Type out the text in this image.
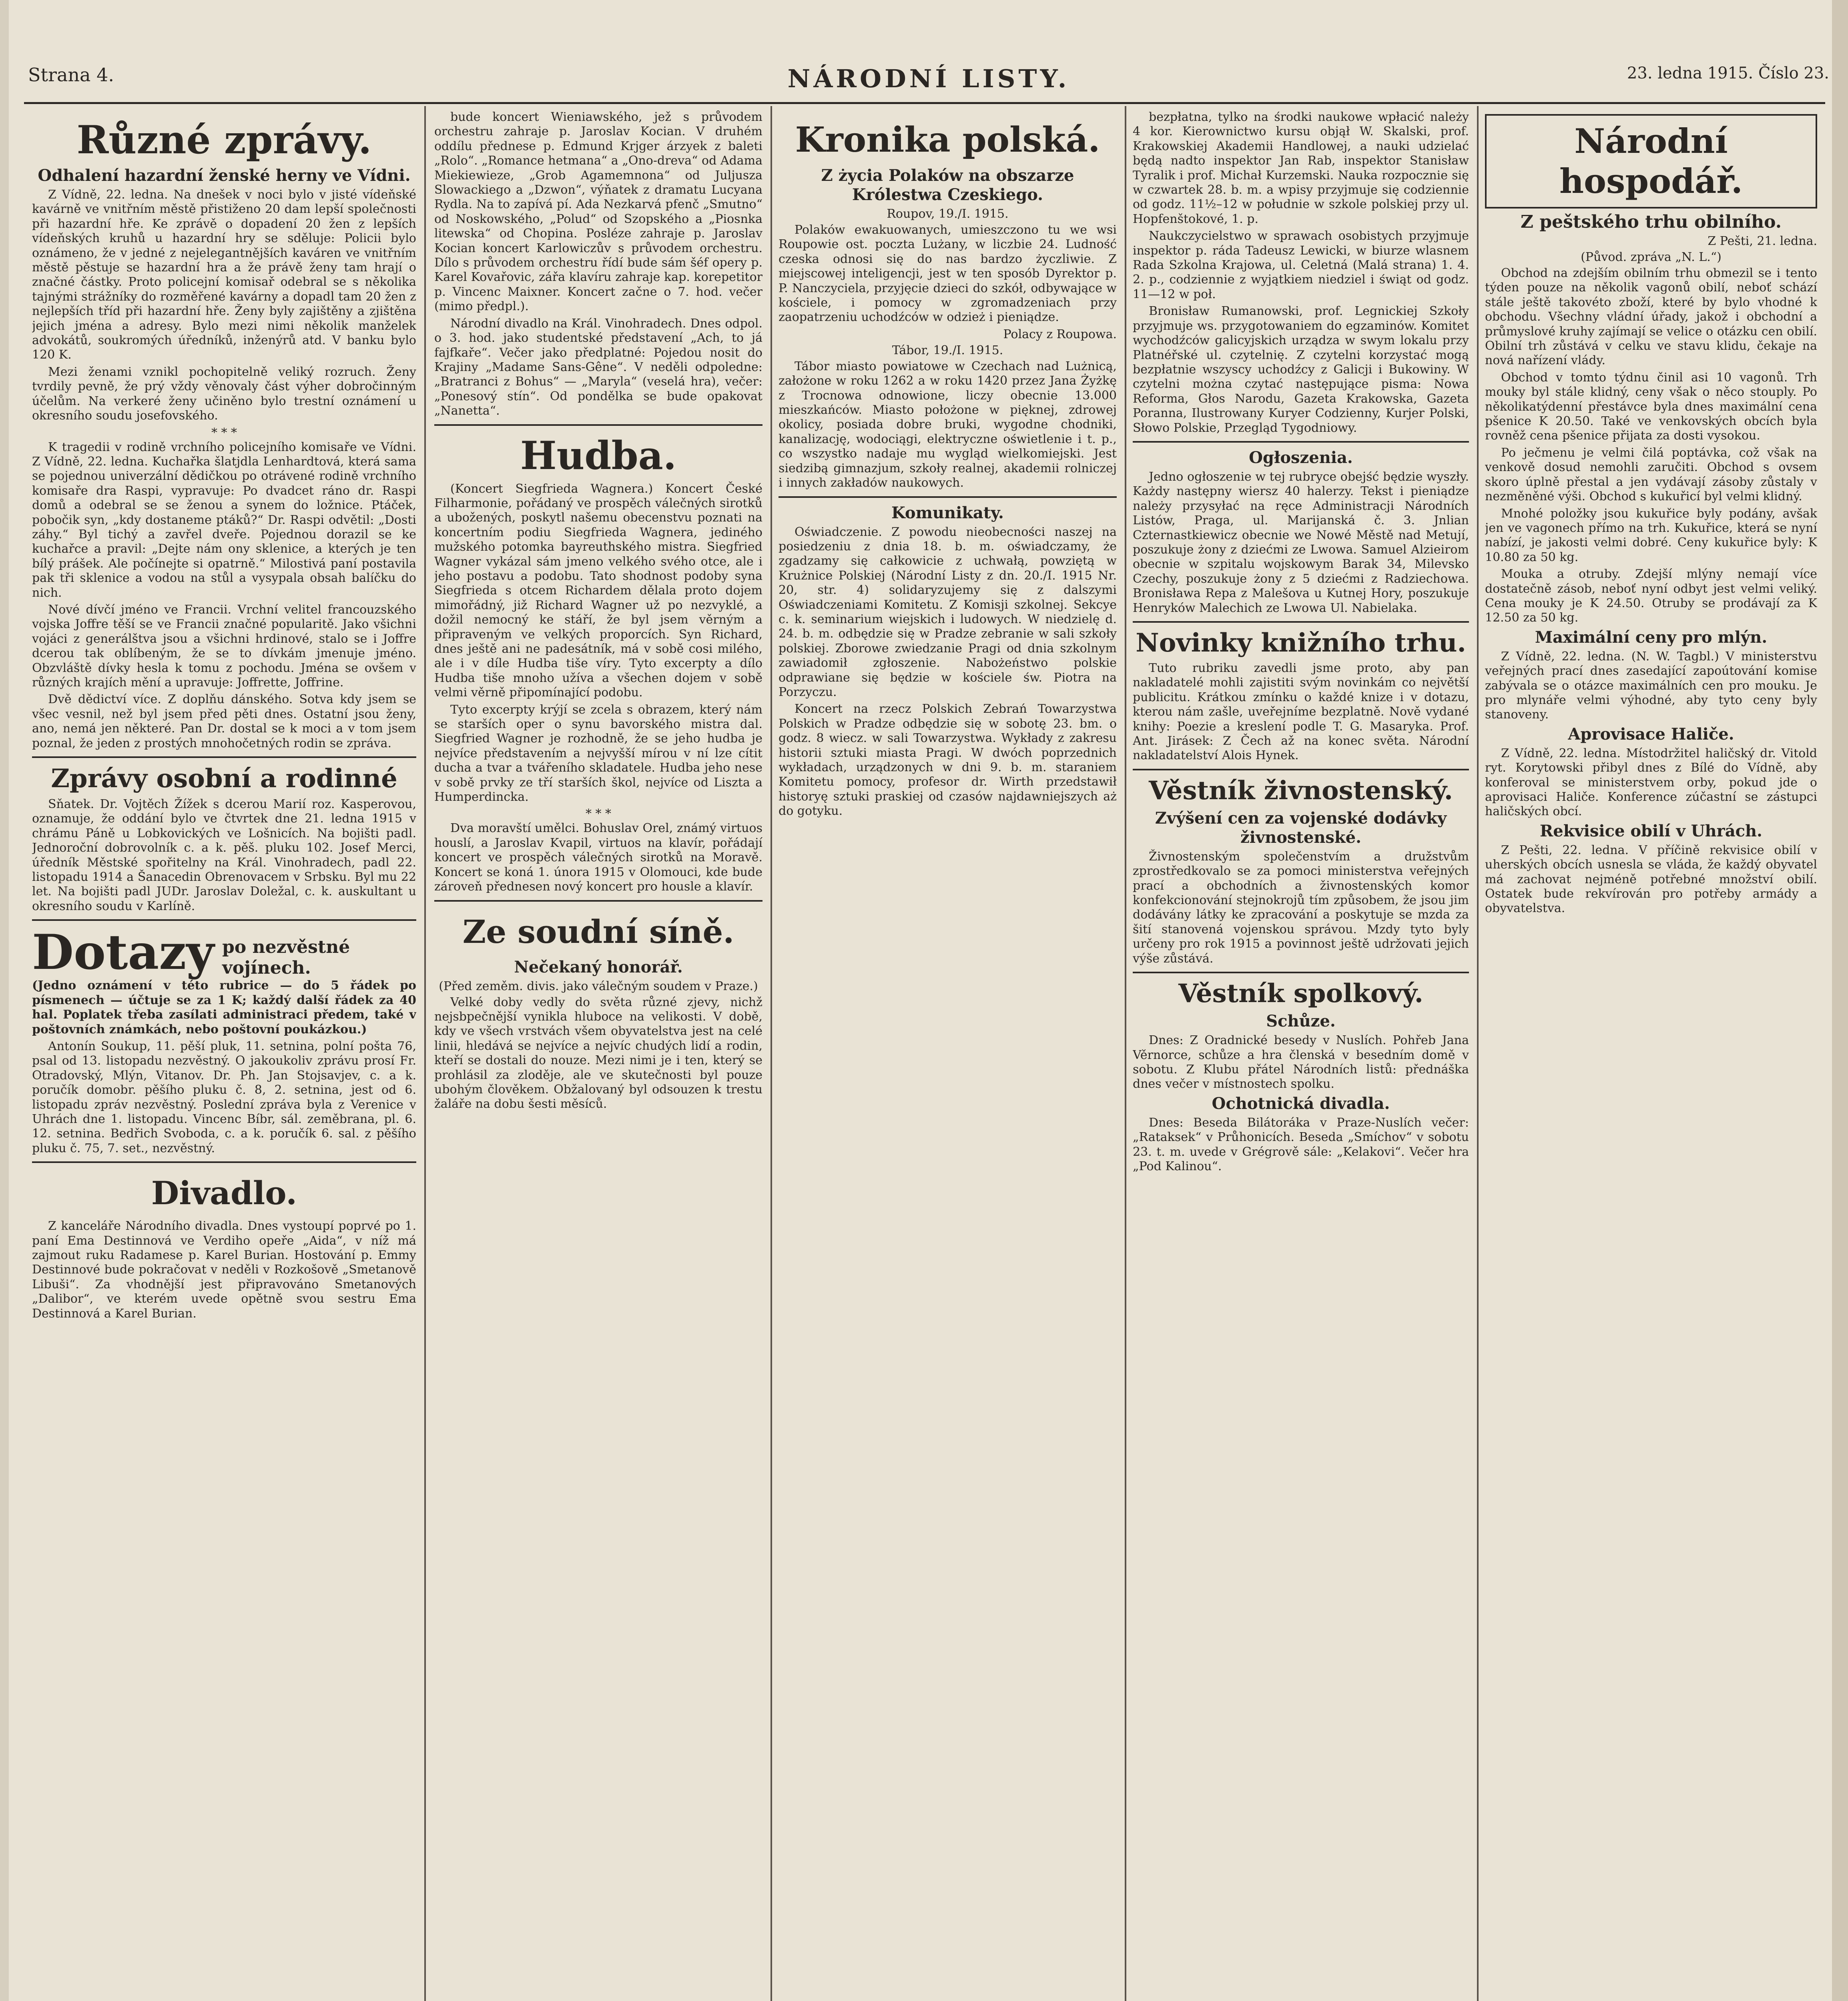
Strana 4.	NÁRODNÍ LISTY.	23. ledna 1915. Číslo 23.
Různé zprávy.
Odhalení hazardní ženské herny ve Vídni.

Z Vídně, 22. ledna. Na dnešek v noci bylo v jisté vídeňské kavárně ve vnitřním městě přistiženo 20 dam lepší společnosti při hazardní hře. Ke zprávě o dopadení 20 žen z lepších vídeňských kruhů u hazardní hry se sděluje: Policii bylo oznámeno, že v jedné z nejelegantnějších kaváren ve vnitřním městě pěstuje se hazardní hra a že právě ženy tam hrají o značné částky. Proto policejní komisař odebral se s několika tajnými strážníky do rozměřené kavárny a dopadl tam 20 žen z nejlepších tříd při hazardní hře. Ženy byly zajištěny a zjištěna jejich jména a adresy. Bylo mezi nimi několik manželek advokátů, soukromých úředníků, inženýrů atd. V banku bylo 120 K.

Mezi ženami vznikl pochopitelně veliký rozruch. Ženy tvrdily pevně, že prý vždy věnovaly část výher dobročinným účelům. Na verkeré ženy učiněno bylo trestní oznámení u okresního soudu josefovského.

* * *

K tragedii v rodině vrchního policejního komisaře ve Vídni. Z Vídně, 22. ledna. Kuchařka šlatjdla Lenhardtová, která sama se pojednou univerzální dědičkou po otrávené rodině vrchního komisaře dra Raspi, vypravuje: Po dvadcet ráno dr. Raspi domů a odebral se se ženou a synem do ložnice. Ptáček, pobočik syn, „kdy dostaneme ptáků?“ Dr. Raspi odvětil: „Dosti záhy.“ Byl tichý a zavřel dveře. Pojednou dorazil se ke kuchařce a pravil: „Dejte nám ony sklenice, a kterých je ten bílý prášek. Ale počínejte si opatrně.“ Milostivá paní postavila pak tři sklenice a vodou na stůl a vysypala obsah balíčku do nich.

Nové dívčí jméno ve Francii. Vrchní velitel francouzského vojska Joffre těší se ve Francii značné popularitě. Jako všichni vojáci z generálštva jsou a všichni hrdinové, stalo se i Joffre dcerou tak oblíbeným, že se to dívkám jmenuje jméno. Obzvláště dívky hesla k tomu z pochodu. Jména se ovšem v různých krajích mění a upravuje: Joffrette, Joffrine.

Dvě dědictví více. Z doplňu dánského. Sotva kdy jsem se všec vesnil, než byl jsem před pěti dnes. Ostatní jsou ženy, ano, nemá jen některé. Pan Dr. dostal se k moci a v tom jsem poznal, že jeden z prostých mnohočetných rodin se zpráva.

Zprávy osobní a rodinné

Sňatek. Dr. Vojtěch Žížek s dcerou Marií roz. Kasperovou, oznamuje, že oddání bylo ve čtvrtek dne 21. ledna 1915 v chrámu Páně u Lobkovických ve Lošnicích. Na bojišti padl. Jednoroční dobrovolník c. a k. pěš. pluku 102. Josef Merci, úředník Městské spořitelny na Král. Vinohradech, padl 22. listopadu 1914 a Šanacedin Obrenovacem v Srbsku. Byl mu 22 let. Na bojišti padl JUDr. Jaroslav Doležal, c. k. auskultant u okresního soudu v Karlíně.

Dotazy po nezvěstné vojínech.

(Jedno oznámení v této rubrice — do 5 řádek po písmenech — účtuje se za 1 K; každý další řádek za 40 hal. Poplatek třeba zasílati administraci předem, také v poštovních známkách, nebo poštovní poukázkou.)

Antonín Soukup, 11. pěší pluk, 11. setnina, polní pošta 76, psal od 13. listopadu nezvěstný. O jakoukoliv zprávu prosí Fr. Otradovský, Mlýn, Vitanov. Dr. Ph. Jan Stojsavjev, c. a k. poručík domobr. pěšího pluku č. 8, 2. setnina, jest od 6. listopadu zpráv nezvěstný. Poslední zpráva byla z Verenice v Uhrách dne 1. listopadu. Vincenc Bíbr, sál. zeměbrana, pl. 6. 12. setnina. Bedřich Svoboda, c. a k. poručík 6. sal. z pěšího pluku č. 75, 7. set., nezvěstný.

Divadlo.

Z kanceláře Národního divadla. Dnes vystoupí poprvé po 1. paní Ema Destinnová ve Verdiho opeře „Aida“, v níž má zajmout ruku Radamese p. Karel Burian. Hostování p. Emmy Destinnové bude pokračovat v neděli v Rozkošově „Smetanově Libuši“. Za vhodnější jest připravováno Smetanových „Dalibor“, ve kterém uvede opětně svou sestru Ema Destinnová a Karel Burian.

bude koncert Wieniawského, jež s průvodem orchestru zahraje p. Jaroslav Kocian. V druhém oddílu přednese p. Edmund Krjger árzyek z baleti „Rolo“. „Romance hetmana“ a „Ono-dreva“ od Adama Miekiewieze, „Grob Agamemnona“ od Juljusza Slowackiego a „Dzwon“, výňatek z dramatu Lucyana Rydla. Na to zapívá pí. Ada Nezkarvá pfenč „Smutno“ od Noskowského, „Polud“ od Szopského a „Piosnka litewska“ od Chopina. Posléze zahraje p. Jaroslav Kocian koncert Karlowiczův s průvodem orchestru. Dílo s průvodem orchestru řídí bude sám šéf opery p. Karel Kovařovic, zářa klavíru zahraje kap. korepetitor p. Vincenc Maixner. Koncert začne o 7. hod. večer (mimo předpl.).

Národní divadlo na Král. Vinohradech. Dnes odpol. o 3. hod. jako studentské představení „Ach, to já fajfkaře“. Večer jako předplatné: Pojedou nosit do Krajiny „Madame Sans-Gêne“. V neděli odpoledne: „Bratranci z Bohus“ — „Maryla“ (veselá hra), večer: „Ponesový stín“. Od pondělka se bude opakovat „Nanetta“.

Hudba.

(Koncert Siegfrieda Wagnera.) Koncert České Filharmonie, pořádaný ve prospěch válečných sirotků a ubožených, poskytl našemu obecenstvu poznati na koncertním podiu Siegfrieda Wagnera, jediného mužského potomka bayreuthského mistra. Siegfried Wagner vykázal sám jmeno velkého svého otce, ale i jeho postavu a podobu. Tato shodnost podoby syna Siegfrieda s otcem Richardem dělala proto dojem mimořádný, již Richard Wagner už po nezvyklé, a dožil nemocný ke stáří, že byl jsem věrným a připraveným ve velkých proporcích. Syn Richard, dnes ještě ani ne padesátník, má v sobě cosi milého, ale i v díle Hudba tiše víry. Tyto excerpty a dílo Hudba tiše mnoho užíva a všechen dojem v sobě velmi věrně připomínající podobu.

Tyto excerpty krýjí se zcela s obrazem, který nám se starších oper o synu bavorského mistra dal. Siegfried Wagner je rozhodně, že se jeho hudba je nejvíce představením a nejvyšší mírou v ní lze cítit ducha a tvar a tvářeního skladatele. Hudba jeho nese v sobě prvky ze tří starších škol, nejvíce od Liszta a Humperdincka.

* * *

Dva moravští umělci. Bohuslav Orel, známý virtuos houslí, a Jaroslav Kvapil, virtuos na klavír, pořádají koncert ve prospěch válečných sirotků na Moravě. Koncert se koná 1. února 1915 v Olomouci, kde bude zároveň přednesen nový koncert pro housle a klavír.

Ze soudní síně.
Nečekaný honorář.
(Před zeměm. divis. jako válečným soudem v Praze.)

Velké doby vedly do světa různé zjevy, nichž nejsbpečnější vynikla hluboce na velikosti. V době, kdy ve všech vrstvách všem obyvatelstva jest na celé linii, hledává se nejvíce a nejvíc chudých lidí a rodin, kteří se dostali do nouze. Mezi nimi je i ten, který se prohlásil za zloděje, ale ve skutečnosti byl pouze ubohým člověkem. Obžalovaný byl odsouzen k trestu žaláře na dobu šesti měsíců.

Kronika polská.
Z życia Polaków na obszarze Królestwa Czeskiego.
Roupov, 19./I. 1915.

Polaków ewakuowanych, umieszczono tu we wsi Roupowie ost. poczta Lużany, w liczbie 24. Ludność czeska odnosi się do nas bardzo życzliwie. Z miejscowej inteligencji, jest w ten sposób Dyrektor p. P. Nanczyciela, przyjęcie dzieci do szkół, odbywające w kościele, i pomocy w zgromadzeniach przy zaopatrzeniu uchodźców w odzież i pieniądze.

Polacy z Roupowa.
Tábor, 19./I. 1915.

Tábor miasto powiatowe w Czechach nad Lużnicą, założone w roku 1262 a w roku 1420 przez Jana Żyżkę z Trocnowa odnowione, liczy obecnie 13.000 mieszkańców. Miasto położone w pięknej, zdrowej okolicy, posiada dobre bruki, wygodne chodniki, kanalizację, wodociągi, elektryczne oświetlenie i t. p., co wszystko nadaje mu wygląd wielkomiejski. Jest siedzibą gimnazjum, szkoły realnej, akademii rolniczej i innych zakładów naukowych.

Komunikaty.

Oświadczenie. Z powodu nieobecności naszej na posiedzeniu z dnia 18. b. m. oświadczamy, że zgadzamy się całkowicie z uchwałą, powziętą w Krużnice Polskiej (Národní Listy z dn. 20./I. 1915 Nr. 20, str. 4) solidaryzujemy się z dalszymi Oświadczeniami Komitetu. Z Komisji szkolnej. Sekcye c. k. seminarium wiejskich i ludowych. W niedzielę d. 24. b. m. odbędzie się w Pradze zebranie w sali szkoły polskiej. Zborowe zwiedzanie Pragi od dnia szkolnym zawiadomił zgłoszenie. Nabożeństwo polskie odprawiane się będzie w kościele św. Piotra na Porzyczu.

Koncert na rzecz Polskich Zebrań Towarzystwa Polskich w Pradze odbędzie się w sobotę 23. bm. o godz. 8 wiecz. w sali Towarzystwa. Wykłady z zakresu historii sztuki miasta Pragi. W dwóch poprzednich wykładach, urządzonych w dni 9. b. m. staraniem Komitetu pomocy, profesor dr. Wirth przedstawił historyę sztuki praskiej od czasów najdawniejszych aż do gotyku.

bezpłatna, tylko na środki naukowe wpłacić należy 4 kor. Kierownictwo kursu objął W. Skalski, prof. Krakowskiej Akademii Handlowej, a nauki udzielać będą nadto inspektor Jan Rab, inspektor Stanisław Tyralik i prof. Michał Kurzemski. Nauka rozpocznie się w czwartek 28. b. m. a wpisy przyjmuje się codziennie od godz. 11½–12 w południe w szkole polskiej przy ul. Hopfenštokové, 1. p.

Naukczycielstwo w sprawach osobistych przyjmuje inspektor p. ráda Tadeusz Lewicki, w biurze wlasnem Rada Szkolna Krajowa, ul. Celetná (Malá strana) 1. 4. 2. p., codziennie z wyjątkiem niedziel i świąt od godz. 11—12 w poł.

Bronisław Rumanowski, prof. Legnickiej Szkoły przyjmuje ws. przygotowaniem do egzaminów. Komitet wychodźców galicyjskich urządza w swym lokalu przy Platnéřské ul. czytelnię. Z czytelni korzystać mogą bezpłatnie wszyscy uchodźcy z Galicji i Bukowiny. W czytelni można czytać następujące pisma: Nowa Reforma, Głos Narodu, Gazeta Krakowska, Gazeta Poranna, Ilustrowany Kuryer Codzienny, Kurjer Polski, Słowo Polskie, Przegląd Tygodniowy.

Ogłoszenia.

Jedno ogłoszenie w tej rubryce obejść będzie wyszły. Każdy następny wiersz 40 halerzy. Tekst i pieniądze należy przysyłać na ręce Administracji Národních Listów, Praga, ul. Marijanská č. 3. Jnlian Czternastkiewicz obecnie we Nowé Městě nad Metují, poszukuje żony z dziećmi ze Lwowa. Samuel Alzieirom obecnie w szpitalu wojskowym Barak 34, Milevsko Czechy, poszukuje żony z 5 dziećmi z Radziechowa. Bronisława Repa z Malešova u Kutnej Hory, poszukuje Henryków Malechich ze Lwowa Ul. Nabielaka.

Novinky knižního trhu.

Tuto rubriku zavedli jsme proto, aby pan nakladatelé mohli zajistiti svým novinkám co největší publicitu. Krátkou zmínku o každé knize i v dotazu, kterou nám zašle, uveřejníme bezplatně. Nově vydané knihy: Poezie a kreslení podle T. G. Masaryka. Prof. Ant. Jirásek: Z Čech až na konec světa. Národní nakladatelství Alois Hynek.

Věstník živnostenský.
Zvýšení cen za vojenské dodávky živnostenské.

Živnostenským společenstvím a družstvům zprostředkovalo se za pomoci ministerstva veřejných prací a obchodních a živnostenských komor konfekcionování stejnokrojů tím způsobem, že jsou jim dodávány látky ke zpracování a poskytuje se mzda za šití stanovená vojenskou správou. Mzdy tyto byly určeny pro rok 1915 a povinnost ještě udržovati jejich výše zůstává.

Věstník spolkový.
Schůze.

Dnes: Z Oradnické besedy v Nuslích. Pohřeb Jana Věrnorce, schůze a hra členská v besedním domě v sobotu. Z Klubu přátel Národních listů: přednáška dnes večer v místnostech spolku.

Ochotnická divadla.

Dnes: Beseda Bilátoráka v Praze-Nuslích večer: „Rataksek“ v Průhonicích. Beseda „Smíchov“ v sobotu 23. t. m. uvede v Grégrově sále: „Kelakovi“. Večer hra „Pod Kalinou“.

Národní hospodář.
Z peštského trhu obilního.
Z Pešti, 21. ledna.
(Původ. zpráva „N. L.“)

Obchod na zdejším obilním trhu obmezil se i tento týden pouze na několik vagonů obilí, neboť schází stále ještě takovéto zboží, které by bylo vhodné k obchodu. Všechny vládní úřady, jakož i obchodní a průmyslové kruhy zajímají se velice o otázku cen obilí. Obilní trh zůstává v celku ve stavu klidu, čekaje na nová nařízení vlády.

Obchod v tomto týdnu činil asi 10 vagonů. Trh mouky byl stále klidný, ceny však o něco stouply. Po několikatýdenní přestávce byla dnes maximální cena pšenice K 20.50. Také ve venkovských obcích byla rovněž cena pšenice přijata za dosti vysokou.

Po ječmenu je velmi čilá poptávka, což však na venkově dosud nemohli zaručiti. Obchod s ovsem skoro úplně přestal a jen vydávají zásoby zůstaly v nezměněné výši. Obchod s kukuřicí byl velmi klidný.

Mnohé položky jsou kukuřice byly podány, avšak jen ve vagonech přímo na trh. Kukuřice, která se nyní nabízí, je jakosti velmi dobré. Ceny kukuřice byly: K 10.80 za 50 kg.

Mouka a otruby. Zdejší mlýny nemají více dostatečně zásob, neboť nyní odbyt jest velmi veliký. Cena mouky je K 24.50. Otruby se prodávají za K 12.50 za 50 kg.

Maximální ceny pro mlýn.

Z Vídně, 22. ledna. (N. W. Tagbl.) V ministerstvu veřejných prací dnes zasedající zapoútování komise zabývala se o otázce maximálních cen pro mouku. Je pro mlynáře velmi výhodné, aby tyto ceny byly stanoveny.

Aprovisace Haliče.

Z Vídně, 22. ledna. Místodržitel haličský dr. Vitold ryt. Korytowski přibyl dnes z Bílé do Vídně, aby konferoval se ministerstvem orby, pokud jde o aprovisaci Haliče. Konference zúčastní se zástupci haličských obcí.

Rekvisice obilí v Uhrách.

Z Pešti, 22. ledna. V příčině rekvisice obilí v uherských obcích usnesla se vláda, že každý obyvatel má zachovat nejméně potřebné množství obilí. Ostatek bude rekvírován pro potřeby armády a obyvatelstva.
